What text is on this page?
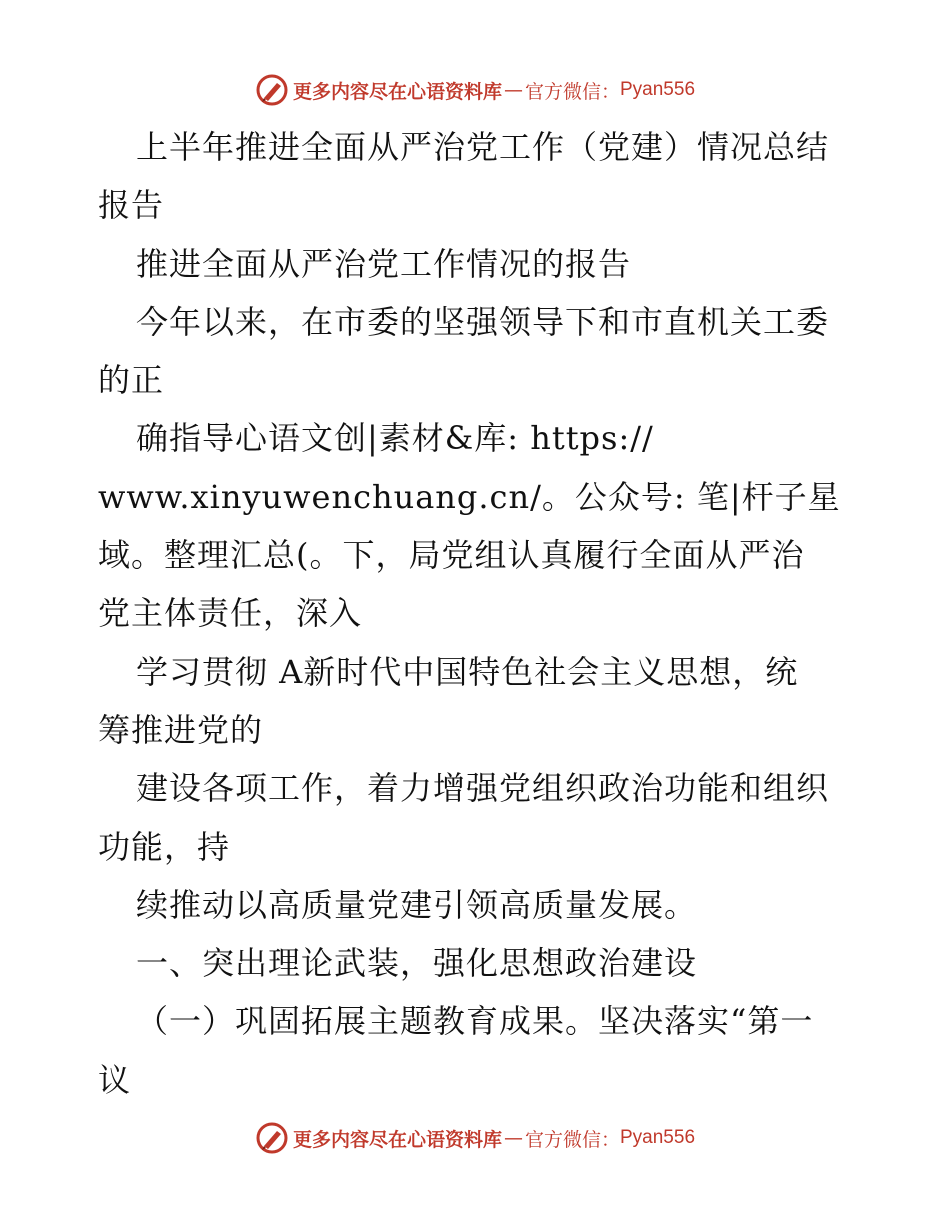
更多内容尽在心语资料库 — 官方微信： Pyan556
上半年推进全面从严治党工作（党建）情况总结
报告
推进全面从严治党工作情况的报告
今年以来，在市委的坚强领导下和市直机关工委
的正
确指导心语文创|素材&库: https://
www.xinyuwenchuang.cn/。公众号: 笔|杆子星
域。整理汇总(。下，局党组认真履行全面从严治
党主体责任，深入
学习贯彻 A新时代中国特色社会主义思想，统
筹推进党的
建设各项工作，着力增强党组织政治功能和组织
功能，持
续推动以高质量党建引领高质量发展。
一、突出理论武装，强化思想政治建设
（一）巩固拓展主题教育成果。坚决落实“第一
议
更多内容尽在心语资料库 — 官方微信： Pyan556
